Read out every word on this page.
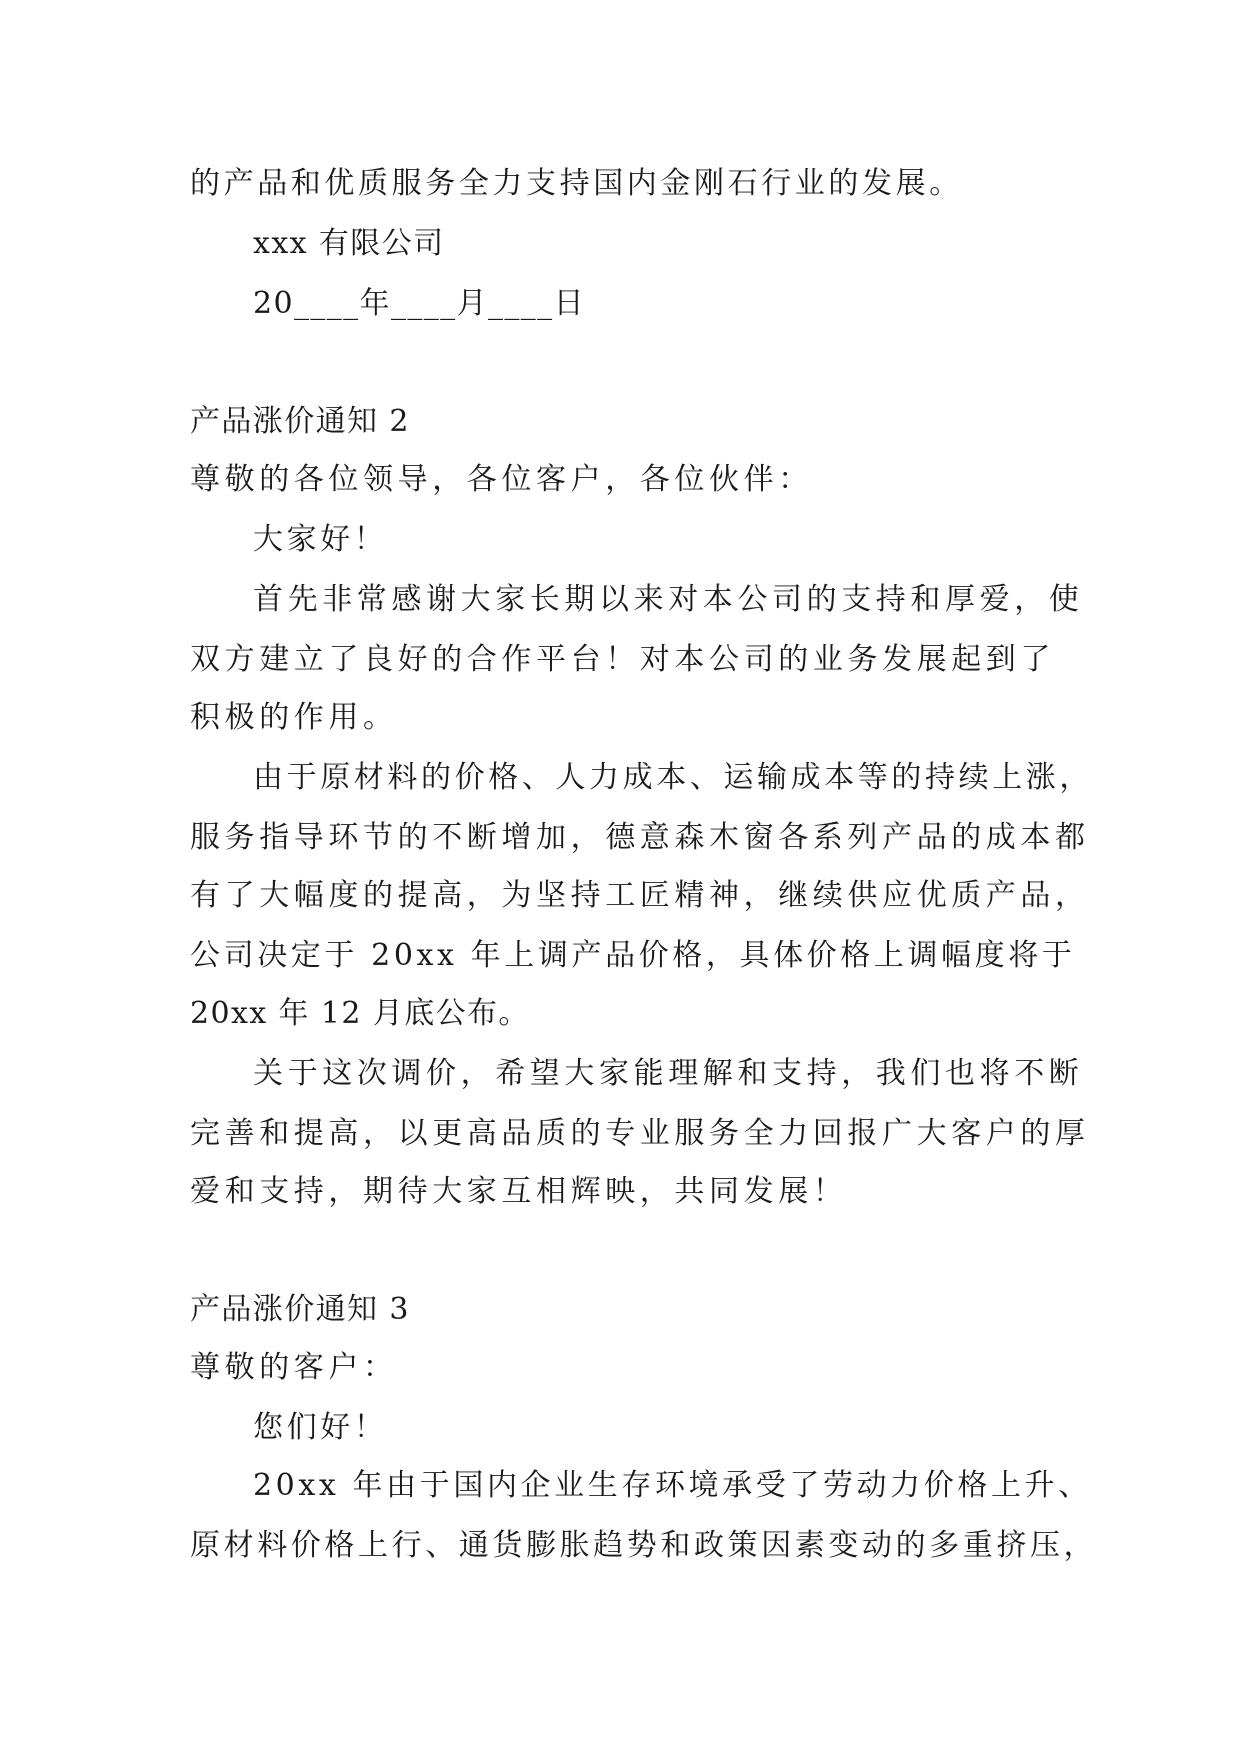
的产品和优质服务全力支持国内金刚石行业的发展。
xxx 有限公司
20____年____月____日
产品涨价通知 2
尊敬的各位领导，各位客户，各位伙伴：
大家好！
首先非常感谢大家长期以来对本公司的支持和厚爱，使
双方建立了良好的合作平台！对本公司的业务发展起到了
积极的作用。
由于原材料的价格、人力成本、运输成本等的持续上涨，
服务指导环节的不断增加，德意森木窗各系列产品的成本都
有了大幅度的提高，为坚持工匠精神，继续供应优质产品，
公司决定于 20xx 年上调产品价格，具体价格上调幅度将于
20xx 年 12 月底公布。
关于这次调价，希望大家能理解和支持，我们也将不断
完善和提高，以更高品质的专业服务全力回报广大客户的厚
爱和支持，期待大家互相辉映，共同发展！
产品涨价通知 3
尊敬的客户：
您们好！
20xx 年由于国内企业生存环境承受了劳动力价格上升、
原材料价格上行、通货膨胀趋势和政策因素变动的多重挤压，
